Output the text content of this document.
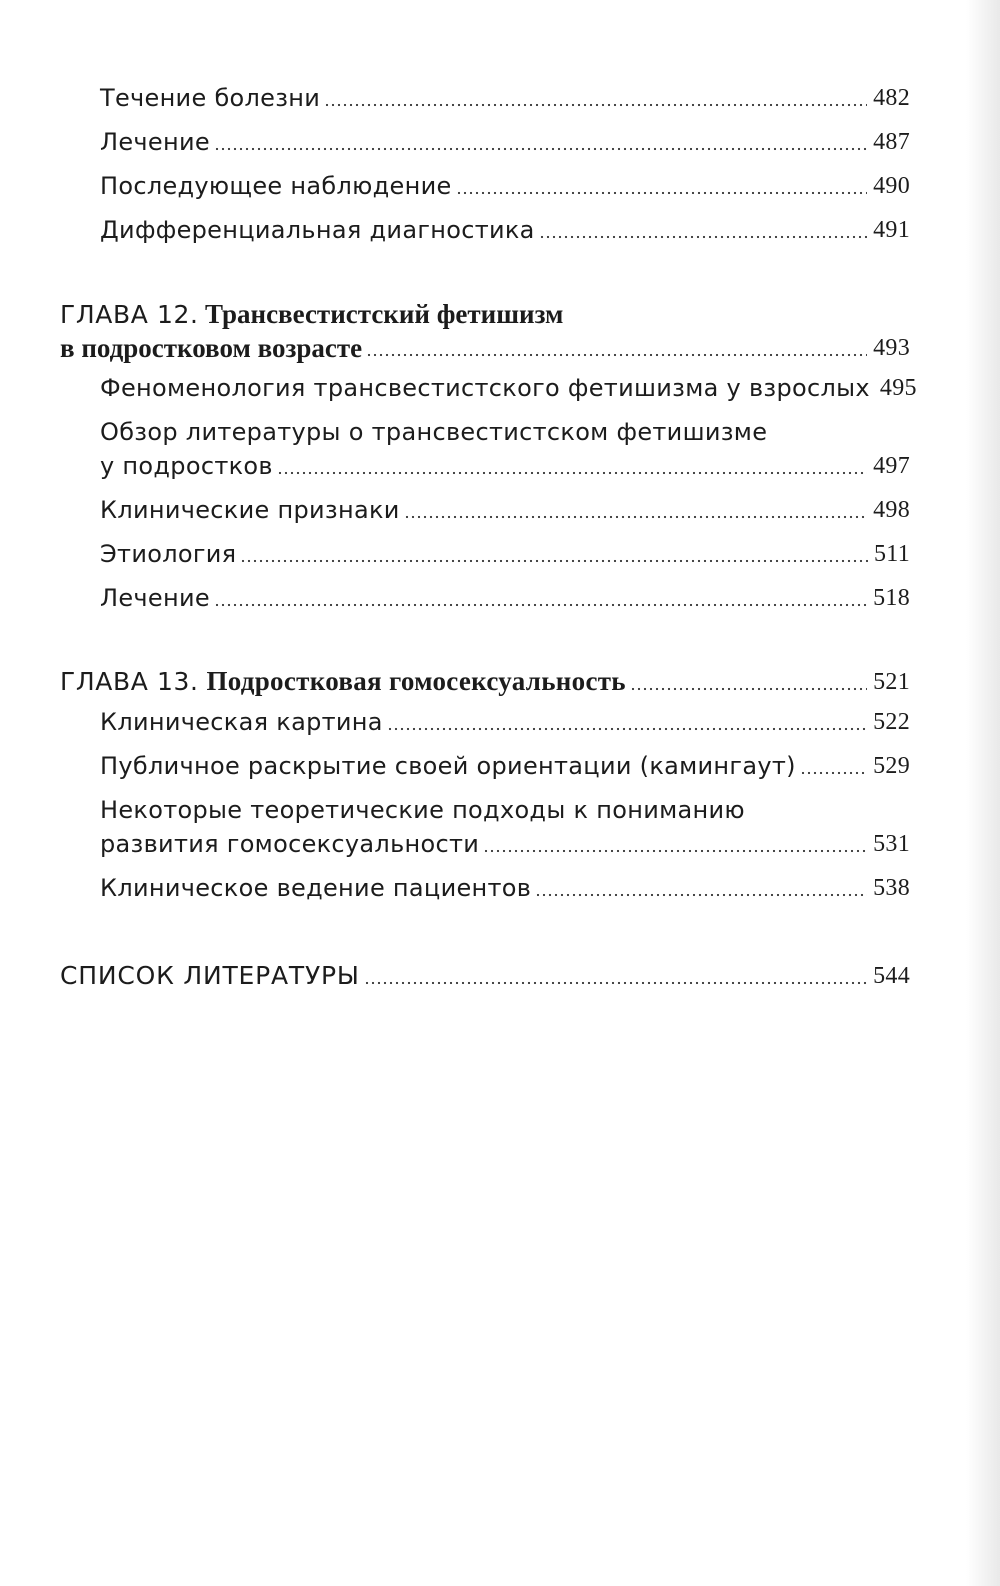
Течение болезни	482
Лечение	487
Последующее наблюдение	490
Дифференциальная диагностика	491
ГЛАВА 12. Трансвестистский фетишизм
в подростковом возрасте	493
Феноменология трансвестистского фетишизма у взрослых 495
Обзор литературы о трансвестистском фетишизме
у подростков	497
Клинические признаки	498
Этиология	511
Лечение	518
ГЛАВА 13. Подростковая гомосексуальность	521
Клиническая картина	522
Публичное раскрытие своей ориентации (камингаут)	529
Некоторые теоретические подходы к пониманию
развития гомосексуальности	531
Клиническое ведение пациентов	538
СПИСОК ЛИТЕРАТУРЫ	544
